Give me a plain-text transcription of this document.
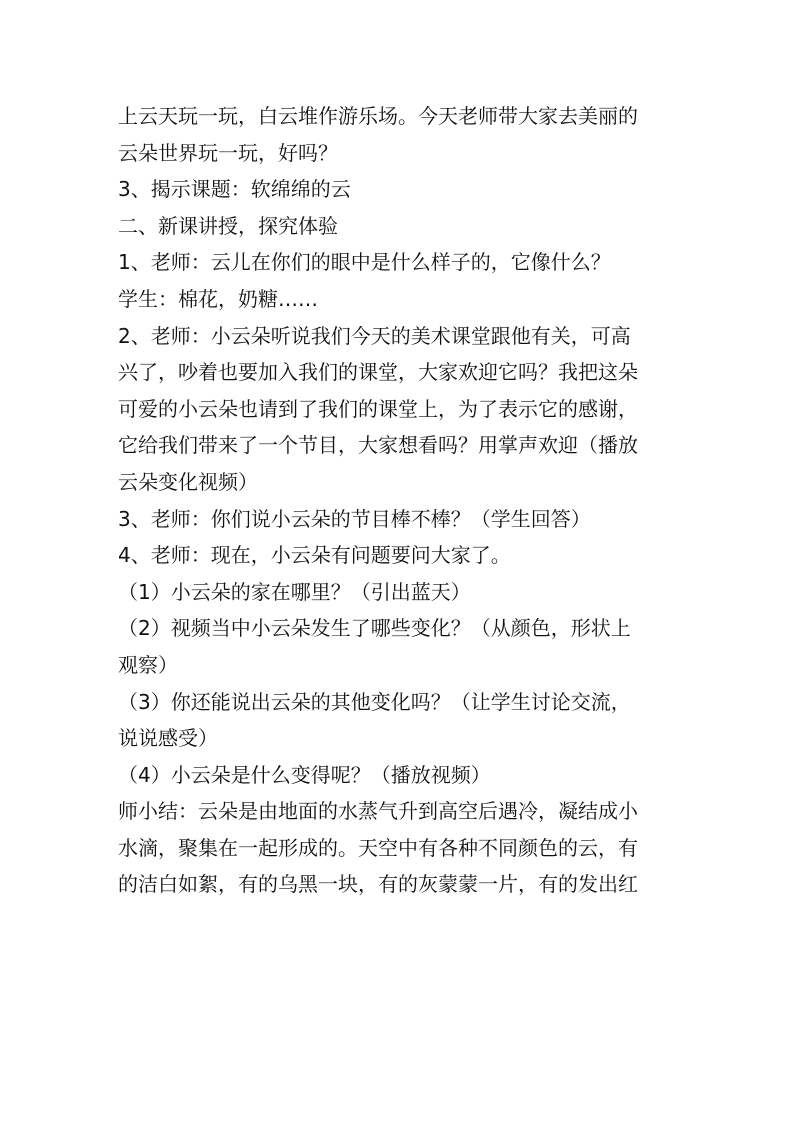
上云天玩一玩，白云堆作游乐场。今天老师带大家去美丽的
云朵世界玩一玩，好吗？
3、揭示课题：软绵绵的云
二、新课讲授，探究体验
1、老师：云儿在你们的眼中是什么样子的，它像什么？
学生：棉花，奶糖……
2、老师：小云朵听说我们今天的美术课堂跟他有关，可高
兴了，吵着也要加入我们的课堂，大家欢迎它吗？我把这朵
可爱的小云朵也请到了我们的课堂上，为了表示它的感谢，
它给我们带来了一个节目，大家想看吗？用掌声欢迎（播放
云朵变化视频）
3、老师：你们说小云朵的节目棒不棒？（学生回答）
4、老师：现在，小云朵有问题要问大家了。
（1）小云朵的家在哪里？（引出蓝天）
（2）视频当中小云朵发生了哪些变化？（从颜色，形状上
观察）
（3）你还能说出云朵的其他变化吗？（让学生讨论交流，
说说感受）
（4）小云朵是什么变得呢？（播放视频）
师小结：云朵是由地面的水蒸气升到高空后遇冷，凝结成小
水滴，聚集在一起形成的。天空中有各种不同颜色的云，有
的洁白如絮，有的乌黑一块，有的灰蒙蒙一片，有的发出红
